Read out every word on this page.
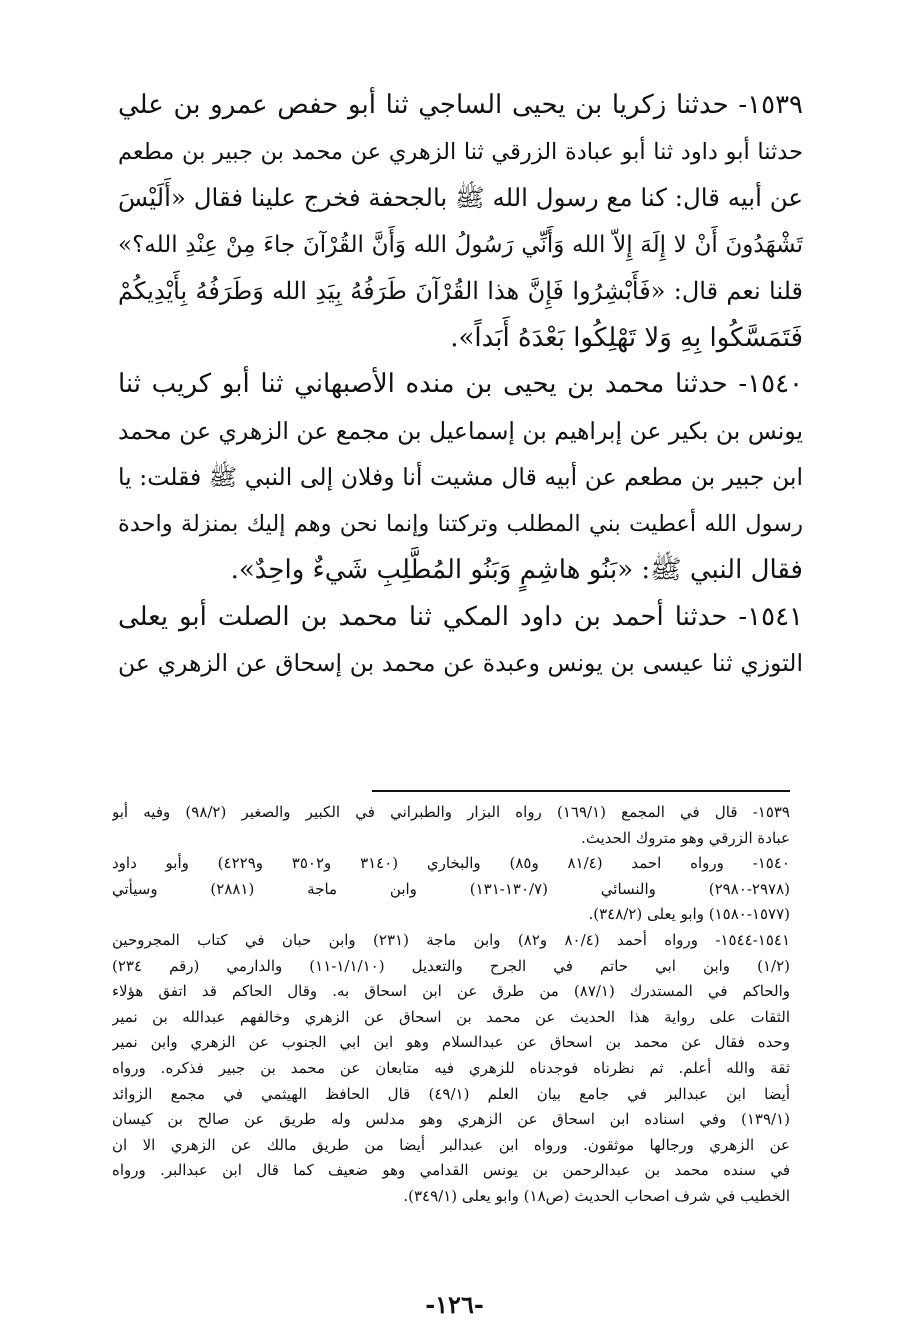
١٥٣٩- حدثنا زكريا بن يحيى الساجي ثنا أبو حفص عمرو بن علي
حدثنا أبو داود ثنا أبو عبادة الزرقي ثنا الزهري عن محمد بن جبير بن مطعم
عن أبيه قال: كنا مع رسول الله ﷺ بالجحفة فخرج علينا فقال «أَلَيْسَ
تَشْهَدُونَ أَنْ لا إِلَهَ إِلاّ الله وَأَنِّي رَسُولُ الله وَأَنَّ القُرْآنَ جاءَ مِنْ عِنْدِ الله؟»
قلنا نعم قال: «فَأَبْشِرُوا فَإِنَّ هذا القُرْآنَ طَرَفُهُ بِيَدِ الله وَطَرَفُهُ بِأَيْدِيكُمْ
فَتَمَسَّكُوا بِهِ وَلا تَهْلِكُوا بَعْدَهُ أَبَداً».
١٥٤٠- حدثنا محمد بن يحيى بن منده الأصبهاني ثنا أبو كريب ثنا
يونس بن بكير عن إبراهيم بن إسماعيل بن مجمع عن الزهري عن محمد
ابن جبير بن مطعم عن أبيه قال مشيت أنا وفلان إلى النبي ﷺ فقلت: يا
رسول الله أعطيت بني المطلب وتركتنا وإنما نحن وهم إليك بمنزلة واحدة
فقال النبي ﷺ: «بَنُو هاشِمٍ وَبَنُو المُطَّلِبِ شَيءٌ واحِدٌ».
١٥٤١- حدثنا أحمد بن داود المكي ثنا محمد بن الصلت أبو يعلى
التوزي ثنا عيسى بن يونس وعبدة عن محمد بن إسحاق عن الزهري عن
١٥٣٩- قال في المجمع (١٦٩/١) رواه البزار والطبراني في الكبير والصغير (٩٨/٢) وفيه أبو
عبادة الزرقي وهو متروك الحديث.
١٥٤٠- ورواه احمد (٨١/٤ و٨٥) والبخاري (٣١٤٠ و٣٥٠٢ و٤٢٢٩) وأبو داود
(٢٩٧٨-٢٩٨٠) والنسائي (١٣٠/٧-١٣١) وابن ماجة (٢٨٨١) وسيأتي
(١٥٧٧-١٥٨٠) وابو يعلى (٣٤٨/٢).
١٥٤١-١٥٤٤- ورواه أحمد (٨٠/٤ و٨٢) وابن ماجة (٢٣١) وابن حبان في كتاب المجروحين
(١/٢) وابن ابي حاتم في الجرح والتعديل (١/١/١٠-١١) والدارمي (رقم ٢٣٤)
والحاكم في المستدرك (٨٧/١) من طرق عن ابن اسحاق به. وقال الحاكم قد اتفق هؤلاء
الثقات على رواية هذا الحديث عن محمد بن اسحاق عن الزهري وخالفهم عبدالله بن نمير
وحده فقال عن محمد بن اسحاق عن عبدالسلام وهو ابن ابي الجنوب عن الزهري وابن نمير
ثقة والله أعلم. ثم نظرناه فوجدناه للزهري فيه متابعان عن محمد بن جبير فذكره. ورواه
أيضا ابن عبدالبر في جامع بيان العلم (٤٩/١) قال الحافظ الهيثمي في مجمع الزوائد
(١٣٩/١) وفي اسناده ابن اسحاق عن الزهري وهو مدلس وله طريق عن صالح بن كيسان
عن الزهري ورجالها موثقون. ورواه ابن عبدالبر أيضا من طريق مالك عن الزهري الا ان
في سنده محمد بن عبدالرحمن بن يونس القدامي وهو ضعيف كما قال ابن عبدالبر. ورواه
الخطيب في شرف اصحاب الحديث (ص١٨) وابو يعلى (٣٤٩/١).
-١٢٦-
